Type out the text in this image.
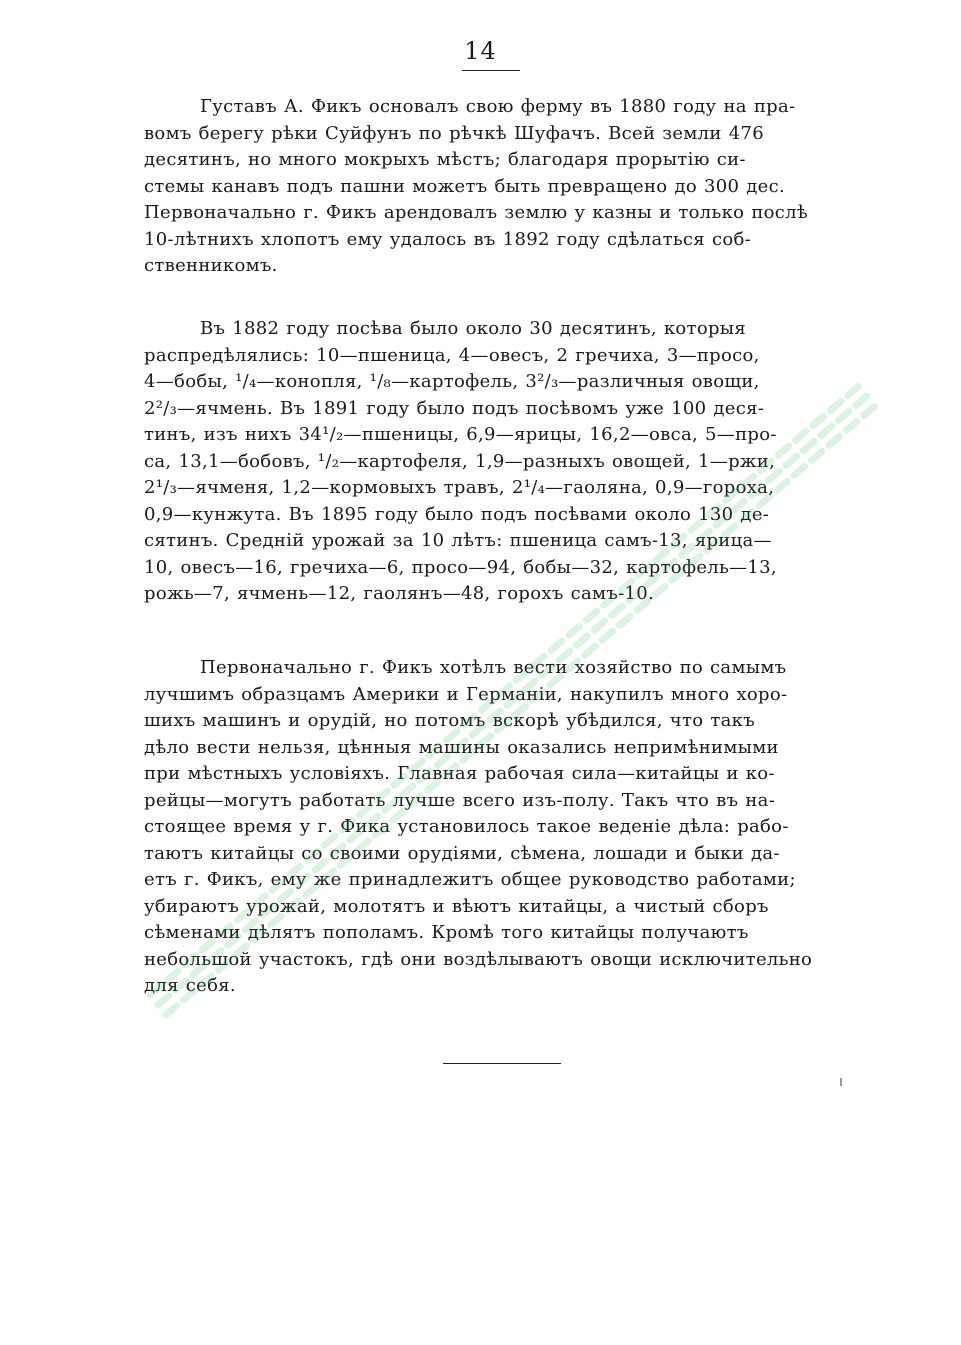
14

Густавъ А. Фикъ основалъ свою ферму въ 1880 году на пра-

вомъ берегу рѣки Суйфунъ по рѣчкѣ Шуфачъ. Всей земли 476

десятинъ, но много мокрыхъ мѣстъ; благодаря прорытію си-

стемы канавъ подъ пашни можетъ быть превращено до 300 дес.

Первоначально г. Фикъ арендовалъ землю у казны и только послѣ

10-лѣтнихъ хлопотъ ему удалось въ 1892 году сдѣлаться соб-

ственникомъ.

Въ 1882 году посѣва было около 30 десятинъ, которыя

распредѣлялись: 10—пшеница, 4—овесъ, 2 гречиха, 3—просо,

4—бобы, ¹/₄—конопля, ¹/₈—картофель, 3²/₃—различныя овощи,

2²/₃—ячмень. Въ 1891 году было подъ посѣвомъ уже 100 деся-

тинъ, изъ нихъ 34¹/₂—пшеницы, 6,9—ярицы, 16,2—овса, 5—про-

са, 13,1—бобовъ, ¹/₂—картофеля, 1,9—разныхъ овощей, 1—ржи,

2¹/₃—ячменя, 1,2—кормовыхъ травъ, 2¹/₄—гаоляна, 0,9—гороха,

0,9—кунжута. Въ 1895 году было подъ посѣвами около 130 де-

сятинъ. Средній урожай за 10 лѣтъ: пшеница самъ-13, ярица—

10, овесъ—16, гречиха—6, просо—94, бобы—32, картофель—13,

рожь—7, ячмень—12, гаолянъ—48, горохъ самъ-10.

Первоначально г. Фикъ хотѣлъ вести хозяйство по самымъ

лучшимъ образцамъ Америки и Германіи, накупилъ много хоро-

шихъ машинъ и орудій, но потомъ вскорѣ убѣдился, что такъ

дѣло вести нельзя, цѣнныя машины оказались непримѣнимыми

при мѣстныхъ условіяхъ. Главная рабочая сила—китайцы и ко-

рейцы—могутъ работать лучше всего изъ-полу. Такъ что въ на-

стоящее время у г. Фика установилось такое веденіе дѣла: рабо-

таютъ китайцы со своими орудіями, сѣмена, лошади и быки да-

етъ г. Фикъ, ему же принадлежитъ общее руководство работами;

убираютъ урожай, молотятъ и вѣютъ китайцы, а чистый сборъ

сѣменами дѣлятъ пополамъ. Кромѣ того китайцы получаютъ

небольшой участокъ, гдѣ они воздѣлываютъ овощи исключительно

для себя.
